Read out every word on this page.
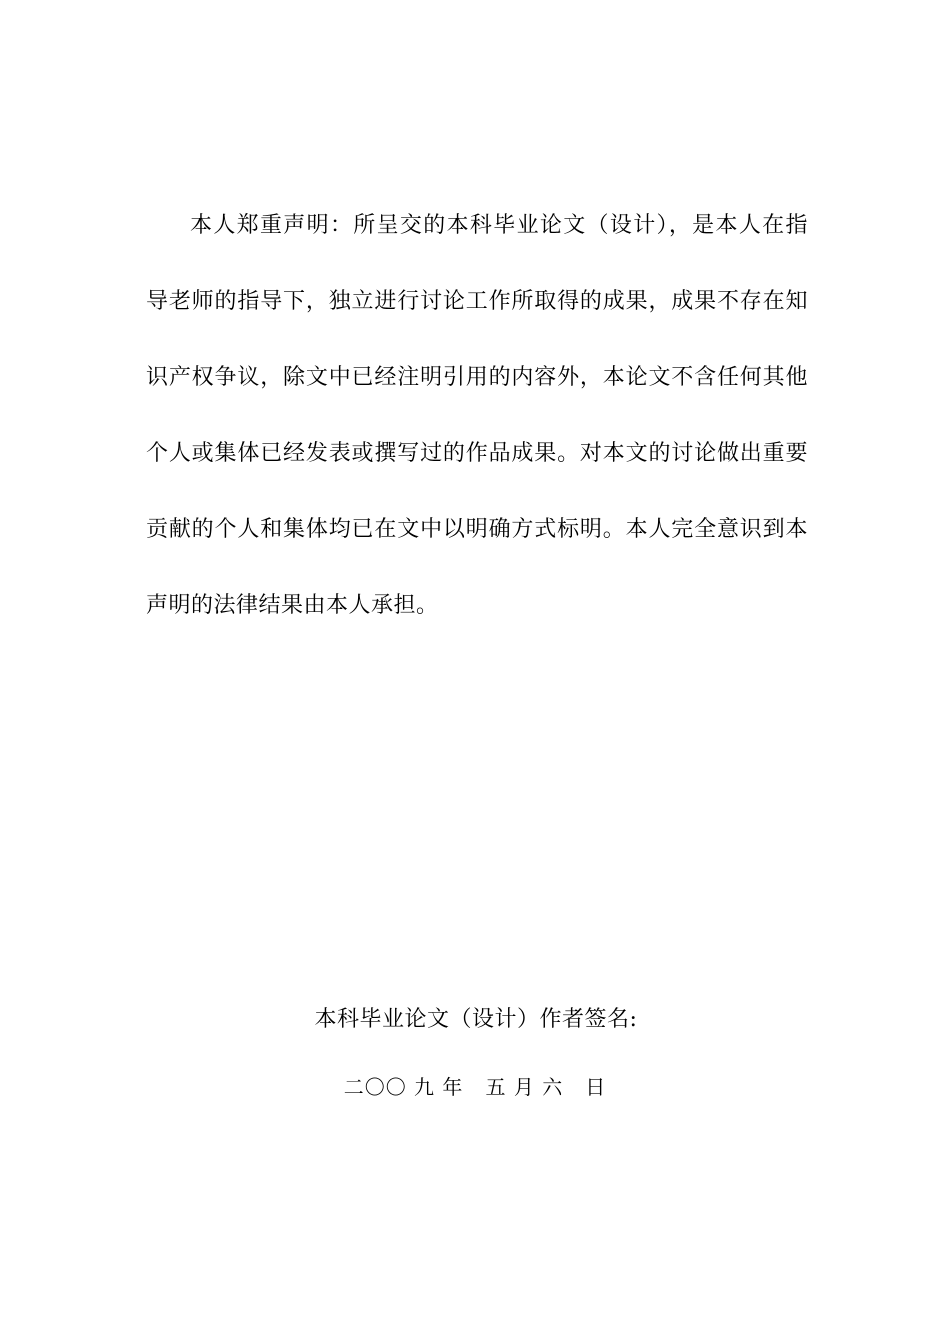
本人郑重声明：所呈交的本科毕业论文（设计），是本人在指
导老师的指导下，独立进行讨论工作所取得的成果，成果不存在知
识产权争议，除文中已经注明引用的内容外，本论文不含任何其他
个人或集体已经发表或撰写过的作品成果。对本文的讨论做出重要
贡献的个人和集体均已在文中以明确方式标明。本人完全意识到本
声明的法律结果由本人承担。
本科毕业论文（设计）作者签名:
二〇〇 九 年   五 月 六   日
